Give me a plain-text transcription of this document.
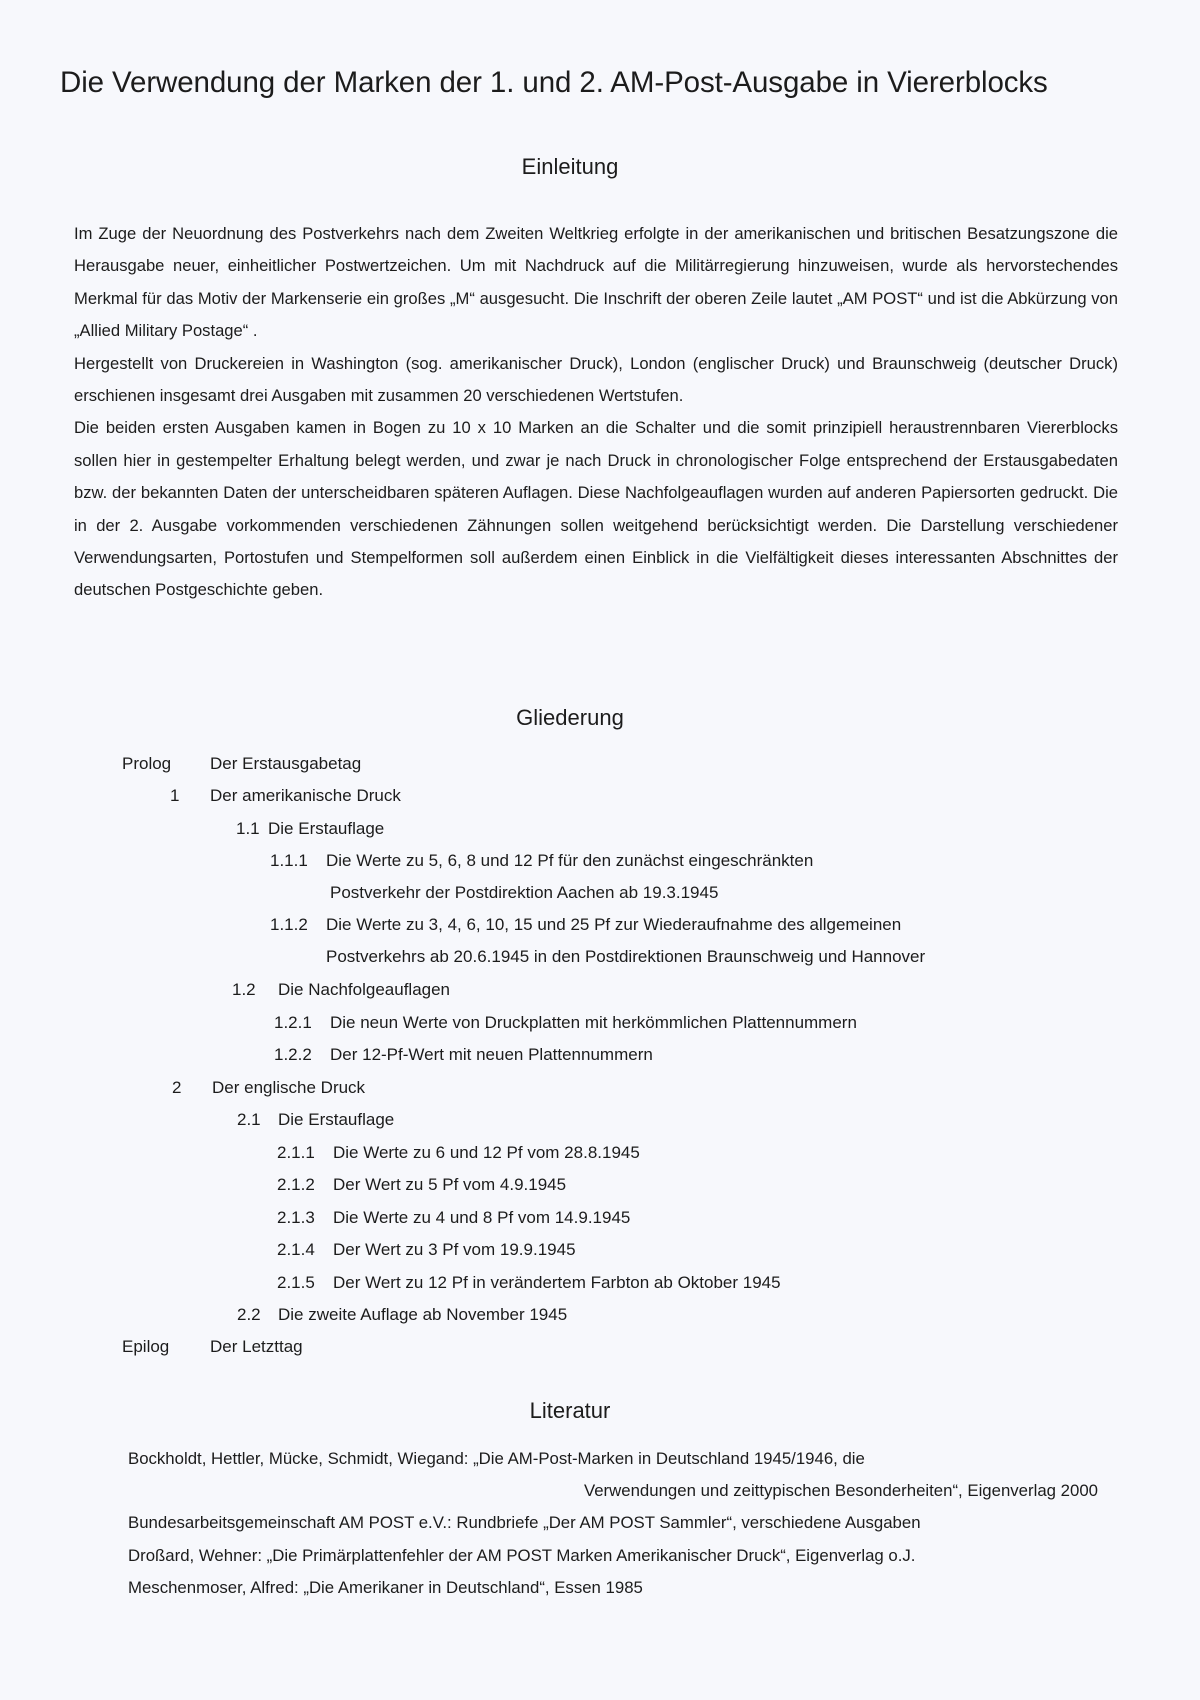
Die Verwendung der Marken der 1. und 2. AM-Post-Ausgabe in Viererblocks
Einleitung

Im Zuge der Neuordnung des Postverkehrs nach dem Zweiten Weltkrieg erfolgte in der amerikanischen und britischen Besatzungszone die Herausgabe neuer, einheitlicher Postwertzeichen. Um mit Nachdruck auf die Militärregierung hinzuweisen, wurde als hervorstechendes Merkmal für das Motiv der Markenserie ein großes „M“ ausgesucht. Die Inschrift der oberen Zeile lautet „AM POST“ und ist die Abkürzung von „Allied Military Postage“ .

Hergestellt von Druckereien in Washington (sog. amerikanischer Druck), London (englischer Druck) und Braunschweig (deutscher Druck) erschienen insgesamt drei Ausgaben mit zusammen 20 verschiedenen Wertstufen.

Die beiden ersten Ausgaben kamen in Bogen zu 10 x 10 Marken an die Schalter und die somit prinzipiell heraustrennbaren Viererblocks sollen hier in gestempelter Erhaltung belegt werden, und zwar je nach Druck in chronologischer Folge entsprechend der Erstausgabedaten bzw. der bekannten Daten der unterscheidbaren späteren Auflagen. Diese Nachfolgeauflagen wurden auf anderen Papiersorten gedruckt. Die in der 2. Ausgabe vorkommenden verschiedenen Zähnungen sollen weitgehend berücksichtigt werden. Die Darstellung verschiedener Verwendungsarten, Portostufen und Stempelformen soll außerdem einen Einblick in die Vielfältigkeit dieses interessanten Abschnittes der deutschen Postgeschichte geben.

Gliederung
Prolog Der Erstausgabetag
1 Der amerikanische Druck
1.1 Die Erstauflage
1.1.1 Die Werte zu 5, 6, 8 und 12 Pf für den zunächst eingeschränkten
Postverkehr der Postdirektion Aachen ab 19.3.1945
1.1.2 Die Werte zu 3, 4, 6, 10, 15 und 25 Pf zur Wiederaufnahme des allgemeinen
Postverkehrs ab 20.6.1945 in den Postdirektionen Braunschweig und Hannover
1.2 Die Nachfolgeauflagen
1.2.1 Die neun Werte von Druckplatten mit herkömmlichen Plattennummern
1.2.2 Der 12-Pf-Wert mit neuen Plattennummern
2 Der englische Druck
2.1 Die Erstauflage
2.1.1 Die Werte zu 6 und 12 Pf vom 28.8.1945
2.1.2 Der Wert zu 5 Pf vom 4.9.1945
2.1.3 Die Werte zu 4 und 8 Pf vom 14.9.1945
2.1.4 Der Wert zu 3 Pf vom 19.9.1945
2.1.5 Der Wert zu 12 Pf in verändertem Farbton ab Oktober 1945
2.2 Die zweite Auflage ab November 1945
Epilog Der Letzttag
Literatur
Bockholdt, Hettler, Mücke, Schmidt, Wiegand: „Die AM-Post-Marken in Deutschland 1945/1946, die
Verwendungen und zeittypischen Besonderheiten“, Eigenverlag 2000
Bundesarbeitsgemeinschaft AM POST e.V.: Rundbriefe „Der AM POST Sammler“, verschiedene Ausgaben
Droßard, Wehner: „Die Primärplattenfehler der AM POST Marken Amerikanischer Druck“, Eigenverlag o.J.
Meschenmoser, Alfred: „Die Amerikaner in Deutschland“, Essen 1985
